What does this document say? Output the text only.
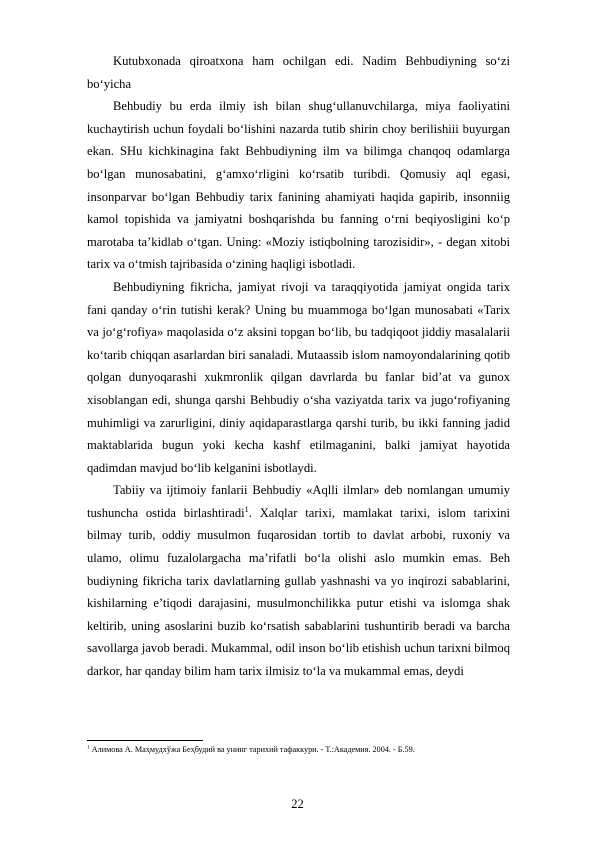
Kutubxonada qiroatxona ham ochilgan edi. Nadim Behbudiyning so‘zi bo‘yicha

Behbudiy bu erda ilmiy ish bilan shug‘ullanuvchilarga, miya faoliyatini kuchaytirish uchun foydali bo‘lishini nazarda tutib shirin choy berilishiii buyurgan ekan. SHu kichkinagina fakt Behbudiyning ilm va bilimga chanqoq odamlarga bo‘lgan munosabatini, g‘amxo‘rligini ko‘rsatib turibdi. Qomusiy aql egasi, insonparvar bo‘lgan Behbudiy tarix fanining ahamiyati haqida gapirib, insonniig kamol topishida va jamiyatni boshqarishda bu fanning o‘rni beqiyosligini ko‘p marotaba ta’kidlab o‘tgan. Uning: «Moziy istiqbolning tarozisidir», - degan xitobi tarix va o‘tmish tajribasida o‘zining haqligi isbotladi.

Behbudiyning fikricha, jamiyat rivoji va taraqqiyotida jamiyat ongida tarix fani qanday o‘rin tutishi kerak? Uning bu muammoga bo‘lgan munosabati «Tarix va jo‘g‘rofiya» maqolasida o‘z aksini topgan bo‘lib, bu tadqiqoot jiddiy masalalarii ko‘tarib chiqqan asarlardan biri sanaladi. Mutaassib islom namoyondalarining qotib qolgan dunyoqarashi xukmronlik qilgan davrlarda bu fanlar bid’at va gunox xisoblangan edi, shunga qarshi Behbudiy o‘sha vaziyatda tarix va jugo‘rofiyaning muhimligi va zarurligini, diniy aqidaparastlarga qarshi turib, bu ikki fanning jadid maktablarida bugun yoki kecha kashf etilmaganini, balki jamiyat hayotida qadimdan mavjud bo‘lib kelganini isbotlaydi.

Tabiiy va ijtimoiy fanlarii Behbudiy «Aqlli ilmlar» deb nomlangan umumiy tushuncha ostida birlashtiradi$^1$. Xalqlar tarixi, mamlakat tarixi, islom tarixini bilmay turib, oddiy musulmon fuqarosidan tortib to davlat arbobi, ruxoniy va ulamo, olimu fuzalolargacha ma’rifatli bo‘la olishi aslo mumkin emas. Beh budiyning fikricha tarix davlatlarning gullab yashnashi va yo inqirozi sabablarini, kishilarning e’tiqodi darajasini, musulmonchilikka putur etishi va islomga shak keltirib, uning asoslarini buzib ko‘rsatish sabablarini tushuntirib beradi va barcha savollarga javob beradi. Mukammal, odil inson bo‘lib etishish uchun tarixni bilmoq darkor, har qanday bilim ham tarix ilmisiz to‘la va mukammal emas, deydi

$^1$ Алимова А. Маҳмудхўжа Беҳбудий ва унинг тарихий тафаккури. - Т.:Академия. 2004. - Б.59.
22
